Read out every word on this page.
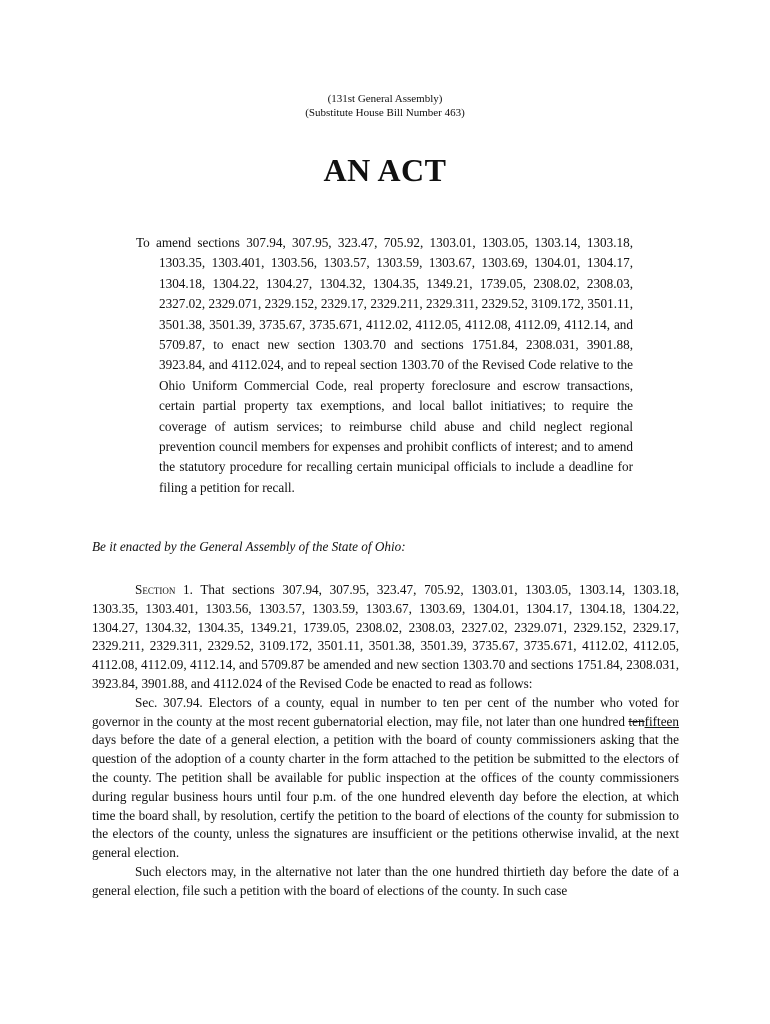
(131st General Assembly)
(Substitute House Bill Number 463)
AN ACT

To amend sections 307.94, 307.95, 323.47, 705.92, 1303.01, 1303.05, 1303.14, 1303.18, 1303.35, 1303.401, 1303.56, 1303.57, 1303.59, 1303.67, 1303.69, 1304.01, 1304.17, 1304.18, 1304.22, 1304.27, 1304.32, 1304.35, 1349.21, 1739.05, 2308.02, 2308.03, 2327.02, 2329.071, 2329.152, 2329.17, 2329.211, 2329.311, 2329.52, 3109.172, 3501.11, 3501.38, 3501.39, 3735.67, 3735.671, 4112.02, 4112.05, 4112.08, 4112.09, 4112.14, and 5709.87, to enact new section 1303.70 and sections 1751.84, 2308.031, 3901.88, 3923.84, and 4112.024, and to repeal section 1303.70 of the Revised Code relative to the Ohio Uniform Commercial Code, real property foreclosure and escrow transactions, certain partial property tax exemptions, and local ballot initiatives; to require the coverage of autism services; to reimburse child abuse and child neglect regional prevention council members for expenses and prohibit conflicts of interest; and to amend the statutory procedure for recalling certain municipal officials to include a deadline for filing a petition for recall.

Be it enacted by the General Assembly of the State of Ohio:

Section 1. That sections 307.94, 307.95, 323.47, 705.92, 1303.01, 1303.05, 1303.14, 1303.18, 1303.35, 1303.401, 1303.56, 1303.57, 1303.59, 1303.67, 1303.69, 1304.01, 1304.17, 1304.18, 1304.22, 1304.27, 1304.32, 1304.35, 1349.21, 1739.05, 2308.02, 2308.03, 2327.02, 2329.071, 2329.152, 2329.17, 2329.211, 2329.311, 2329.52, 3109.172, 3501.11, 3501.38, 3501.39, 3735.67, 3735.671, 4112.02, 4112.05, 4112.08, 4112.09, 4112.14, and 5709.87 be amended and new section 1303.70 and sections 1751.84, 2308.031, 3923.84, 3901.88, and 4112.024 of the Revised Code be enacted to read as follows:

Sec. 307.94. Electors of a county, equal in number to ten per cent of the number who voted for governor in the county at the most recent gubernatorial election, may file, not later than one hundred tenfifteen days before the date of a general election, a petition with the board of county commissioners asking that the question of the adoption of a county charter in the form attached to the petition be submitted to the electors of the county. The petition shall be available for public inspection at the offices of the county commissioners during regular business hours until four p.m. of the one hundred eleventh day before the election, at which time the board shall, by resolution, certify the petition to the board of elections of the county for submission to the electors of the county, unless the signatures are insufficient or the petitions otherwise invalid, at the next general election.

Such electors may, in the alternative not later than the one hundred thirtieth day before the date of a general election, file such a petition with the board of elections of the county. In such case
